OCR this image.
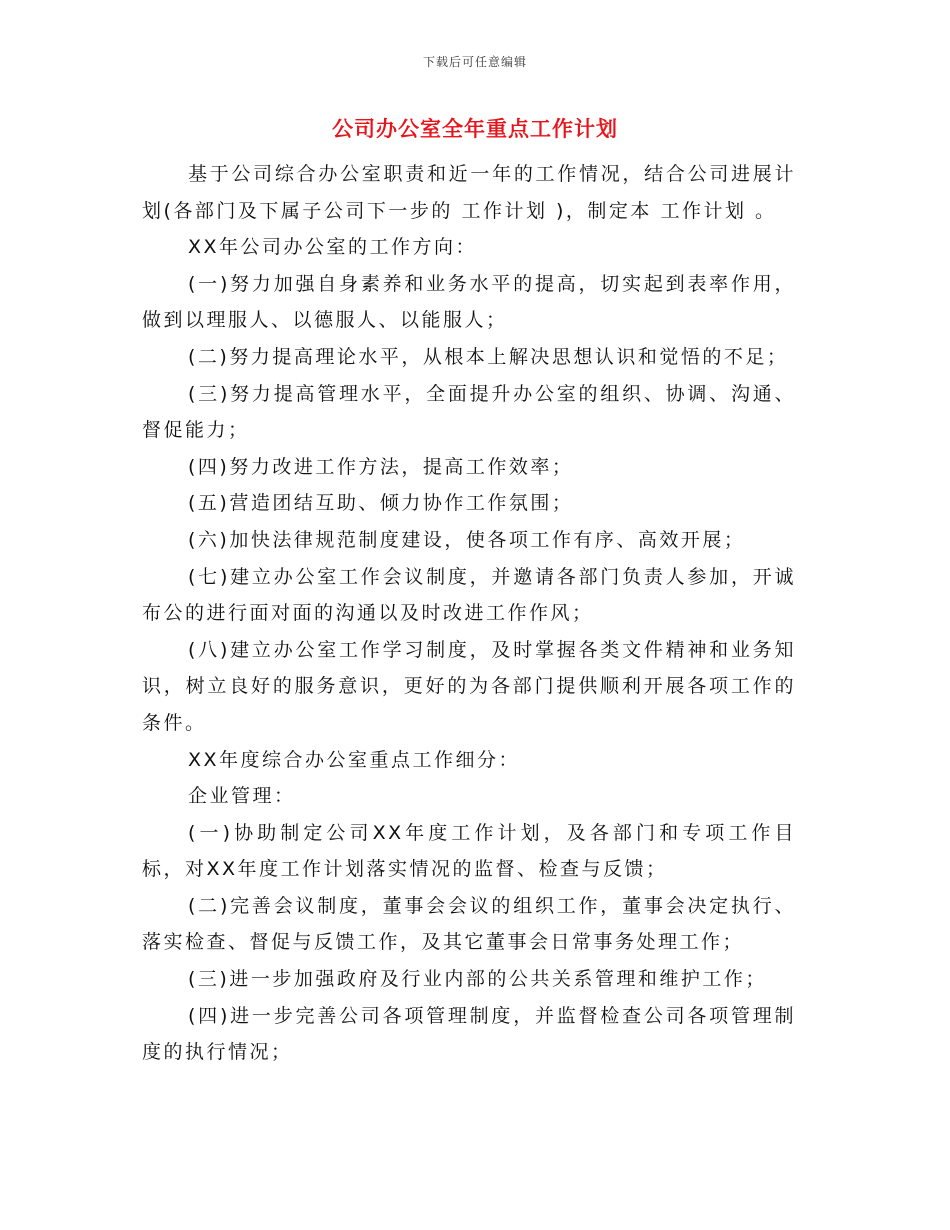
下载后可任意编辑
公司办公室全年重点工作计划

基于公司综合办公室职责和近一年的工作情况，结合公司进展计划(各部门及下属子公司下一步的 工作计划 )，制定本 工作计划 。

XX年公司办公室的工作方向：

(一)努力加强自身素养和业务水平的提高，切实起到表率作用，做到以理服人、以德服人、以能服人；

(二)努力提高理论水平，从根本上解决思想认识和觉悟的不足；

(三)努力提高管理水平，全面提升办公室的组织、协调、沟通、督促能力；

(四)努力改进工作方法，提高工作效率；

(五)营造团结互助、倾力协作工作氛围；

(六)加快法律规范制度建设，使各项工作有序、高效开展；

(七)建立办公室工作会议制度，并邀请各部门负责人参加，开诚布公的进行面对面的沟通以及时改进工作作风；

(八)建立办公室工作学习制度，及时掌握各类文件精神和业务知识，树立良好的服务意识，更好的为各部门提供顺利开展各项工作的条件。

XX年度综合办公室重点工作细分：

企业管理：

(一)协助制定公司XX年度工作计划，及各部门和专项工作目标，对XX年度工作计划落实情况的监督、检查与反馈；

(二)完善会议制度，董事会会议的组织工作，董事会决定执行、落实检查、督促与反馈工作，及其它董事会日常事务处理工作；

(三)进一步加强政府及行业内部的公共关系管理和维护工作；

(四)进一步完善公司各项管理制度，并监督检查公司各项管理制度的执行情况；
